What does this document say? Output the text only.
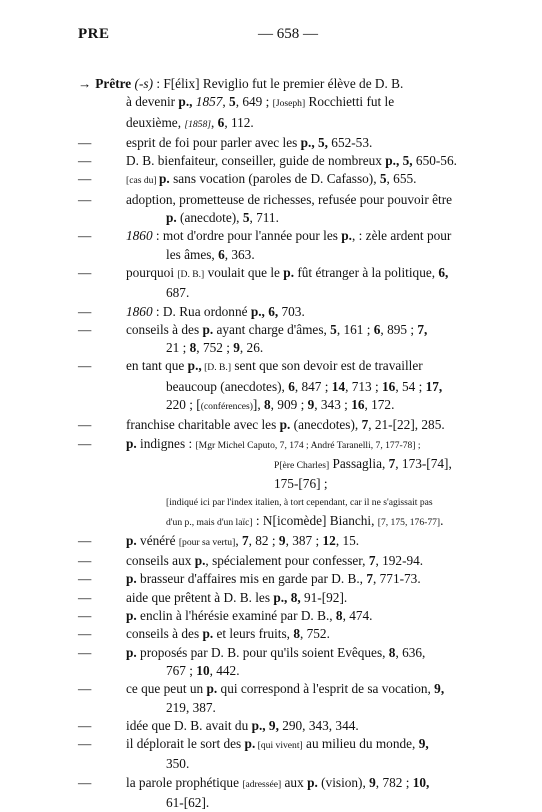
PRE	— 658 —
→ Prêtre (-s) : F[élix] Reviglio fut le premier élève de D. B.
à devenir p., 1857, 5, 649 ; [Joseph] Rocchietti fut le
deuxième, [1858], 6, 112.
—	esprit de foi pour parler avec les p., 5, 652-53.
—	D. B. bienfaiteur, conseiller, guide de nombreux p., 5, 650-56.
—	[cas du] p. sans vocation (paroles de D. Cafasso), 5, 655.
—	adoption, prometteuse de richesses, refusée pour pouvoir être
p. (anecdote), 5, 711.
—	1860 : mot d'ordre pour l'année pour les p., : zèle ardent pour
les âmes, 6, 363.
—	pourquoi [D. B.] voulait que le p. fût étranger à la politique, 6,
687.
—	1860 : D. Rua ordonné p., 6, 703.
—	conseils à des p. ayant charge d'âmes, 5, 161 ; 6, 895 ; 7,
21 ; 8, 752 ; 9, 26.
—	en tant que p., [D. B.] sent que son devoir est de travailler
beaucoup (anecdotes), 6, 847 ; 14, 713 ; 16, 54 ; 17,
220 ; [(conférences)], 8, 909 ; 9, 343 ; 16, 172.
—	franchise charitable avec les p. (anecdotes), 7, 21-[22], 285.
—	p. indignes : [Mgr Michel Caputo, 7, 174 ; André Taranelli, 7, 177-78] ;
P[ère Charles] Passaglia, 7, 173-[74], 175-[76] ;
[indiqué ici par l'index italien, à tort cependant, car il ne s'agissait pas
d'un p., mais d'un laïc] : N[icomède] Bianchi, [7, 175, 176-77].
—	p. vénéré [pour sa vertu], 7, 82 ; 9, 387 ; 12, 15.
—	conseils aux p., spécialement pour confesser, 7, 192-94.
—	p. brasseur d'affaires mis en garde par D. B., 7, 771-73.
—	aide que prêtent à D. B. les p., 8, 91-[92].
—	p. enclin à l'hérésie examiné par D. B., 8, 474.
—	conseils à des p. et leurs fruits, 8, 752.
—	p. proposés par D. B. pour qu'ils soient Evêques, 8, 636,
767 ; 10, 442.
—	ce que peut un p. qui correspond à l'esprit de sa vocation, 9,
219, 387.
—	idée que D. B. avait du p., 9, 290, 343, 344.
—	il déplorait le sort des p. [qui vivent] au milieu du monde, 9,
350.
—	la parole prophétique [adressée] aux p. (vision), 9, 782 ; 10,
61-[62].
